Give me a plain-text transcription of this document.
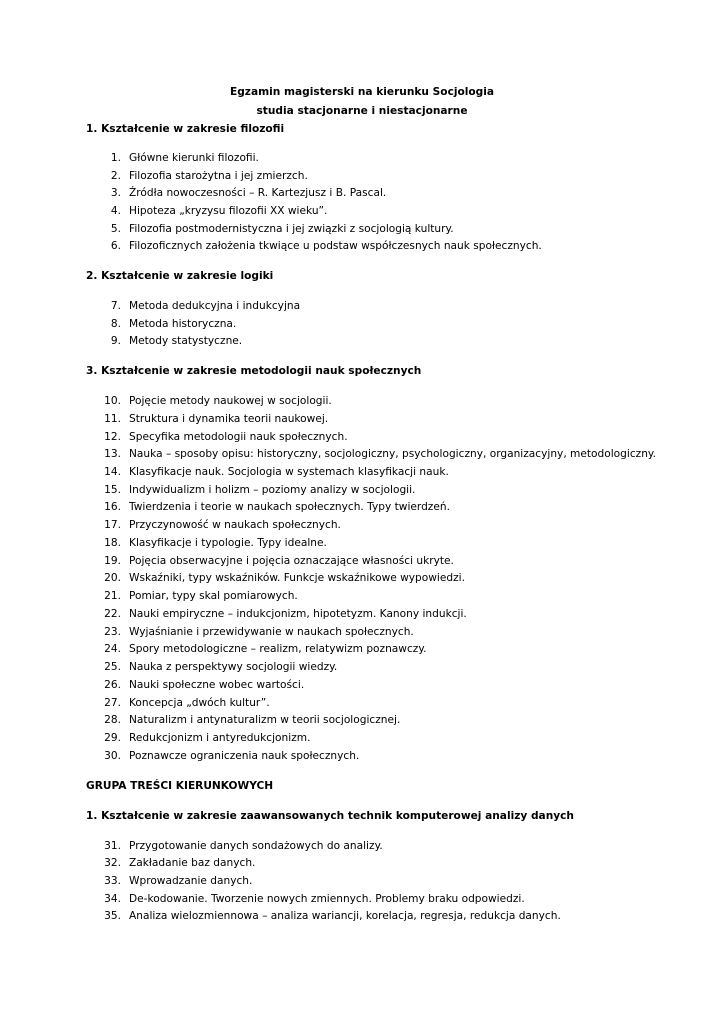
Egzamin magisterski na kierunku Socjologia
studia stacjonarne i niestacjonarne
1. Kształcenie w zakresie filozofii
1. Główne kierunki filozofii.
2. Filozofia starożytna i jej zmierzch.
3. Źródła nowoczesności – R. Kartezjusz i B. Pascal.
4. Hipoteza „kryzysu filozofii XX wieku”.
5. Filozofia postmodernistyczna i jej związki z socjologią kultury.
6. Filozoficznych założenia tkwiące u podstaw współczesnych nauk społecznych.
2. Kształcenie w zakresie logiki
7. Metoda dedukcyjna i indukcyjna
8. Metoda historyczna.
9. Metody statystyczne.
3. Kształcenie w zakresie metodologii nauk społecznych
10. Pojęcie metody naukowej w socjologii.
11. Struktura i dynamika teorii naukowej.
12. Specyfika metodologii nauk społecznych.
13. Nauka – sposoby opisu: historyczny, socjologiczny, psychologiczny, organizacyjny, metodologiczny.
14. Klasyfikacje nauk. Socjologia w systemach klasyfikacji nauk.
15. Indywidualizm i holizm – poziomy analizy w socjologii.
16. Twierdzenia i teorie w naukach społecznych. Typy twierdzeń.
17. Przyczynowość w naukach społecznych.
18. Klasyfikacje i typologie. Typy idealne.
19. Pojęcia obserwacyjne i pojęcia oznaczające własności ukryte.
20. Wskaźniki, typy wskaźników. Funkcje wskaźnikowe wypowiedzi.
21. Pomiar, typy skal pomiarowych.
22. Nauki empiryczne – indukcjonizm, hipotetyzm. Kanony indukcji.
23. Wyjaśnianie i przewidywanie w naukach społecznych.
24. Spory metodologiczne – realizm, relatywizm poznawczy.
25. Nauka z perspektywy socjologii wiedzy.
26. Nauki społeczne wobec wartości.
27. Koncepcja „dwóch kultur”.
28. Naturalizm i antynaturalizm w teorii socjologicznej.
29. Redukcjonizm i antyredukcjonizm.
30. Poznawcze ograniczenia nauk społecznych.
GRUPA TREŚCI KIERUNKOWYCH
1. Kształcenie w zakresie zaawansowanych technik komputerowej analizy danych
31. Przygotowanie danych sondażowych do analizy.
32. Zakładanie baz danych.
33. Wprowadzanie danych.
34. De-kodowanie. Tworzenie nowych zmiennych. Problemy braku odpowiedzi.
35. Analiza wielozmiennowa – analiza wariancji, korelacja, regresja, redukcja danych.
